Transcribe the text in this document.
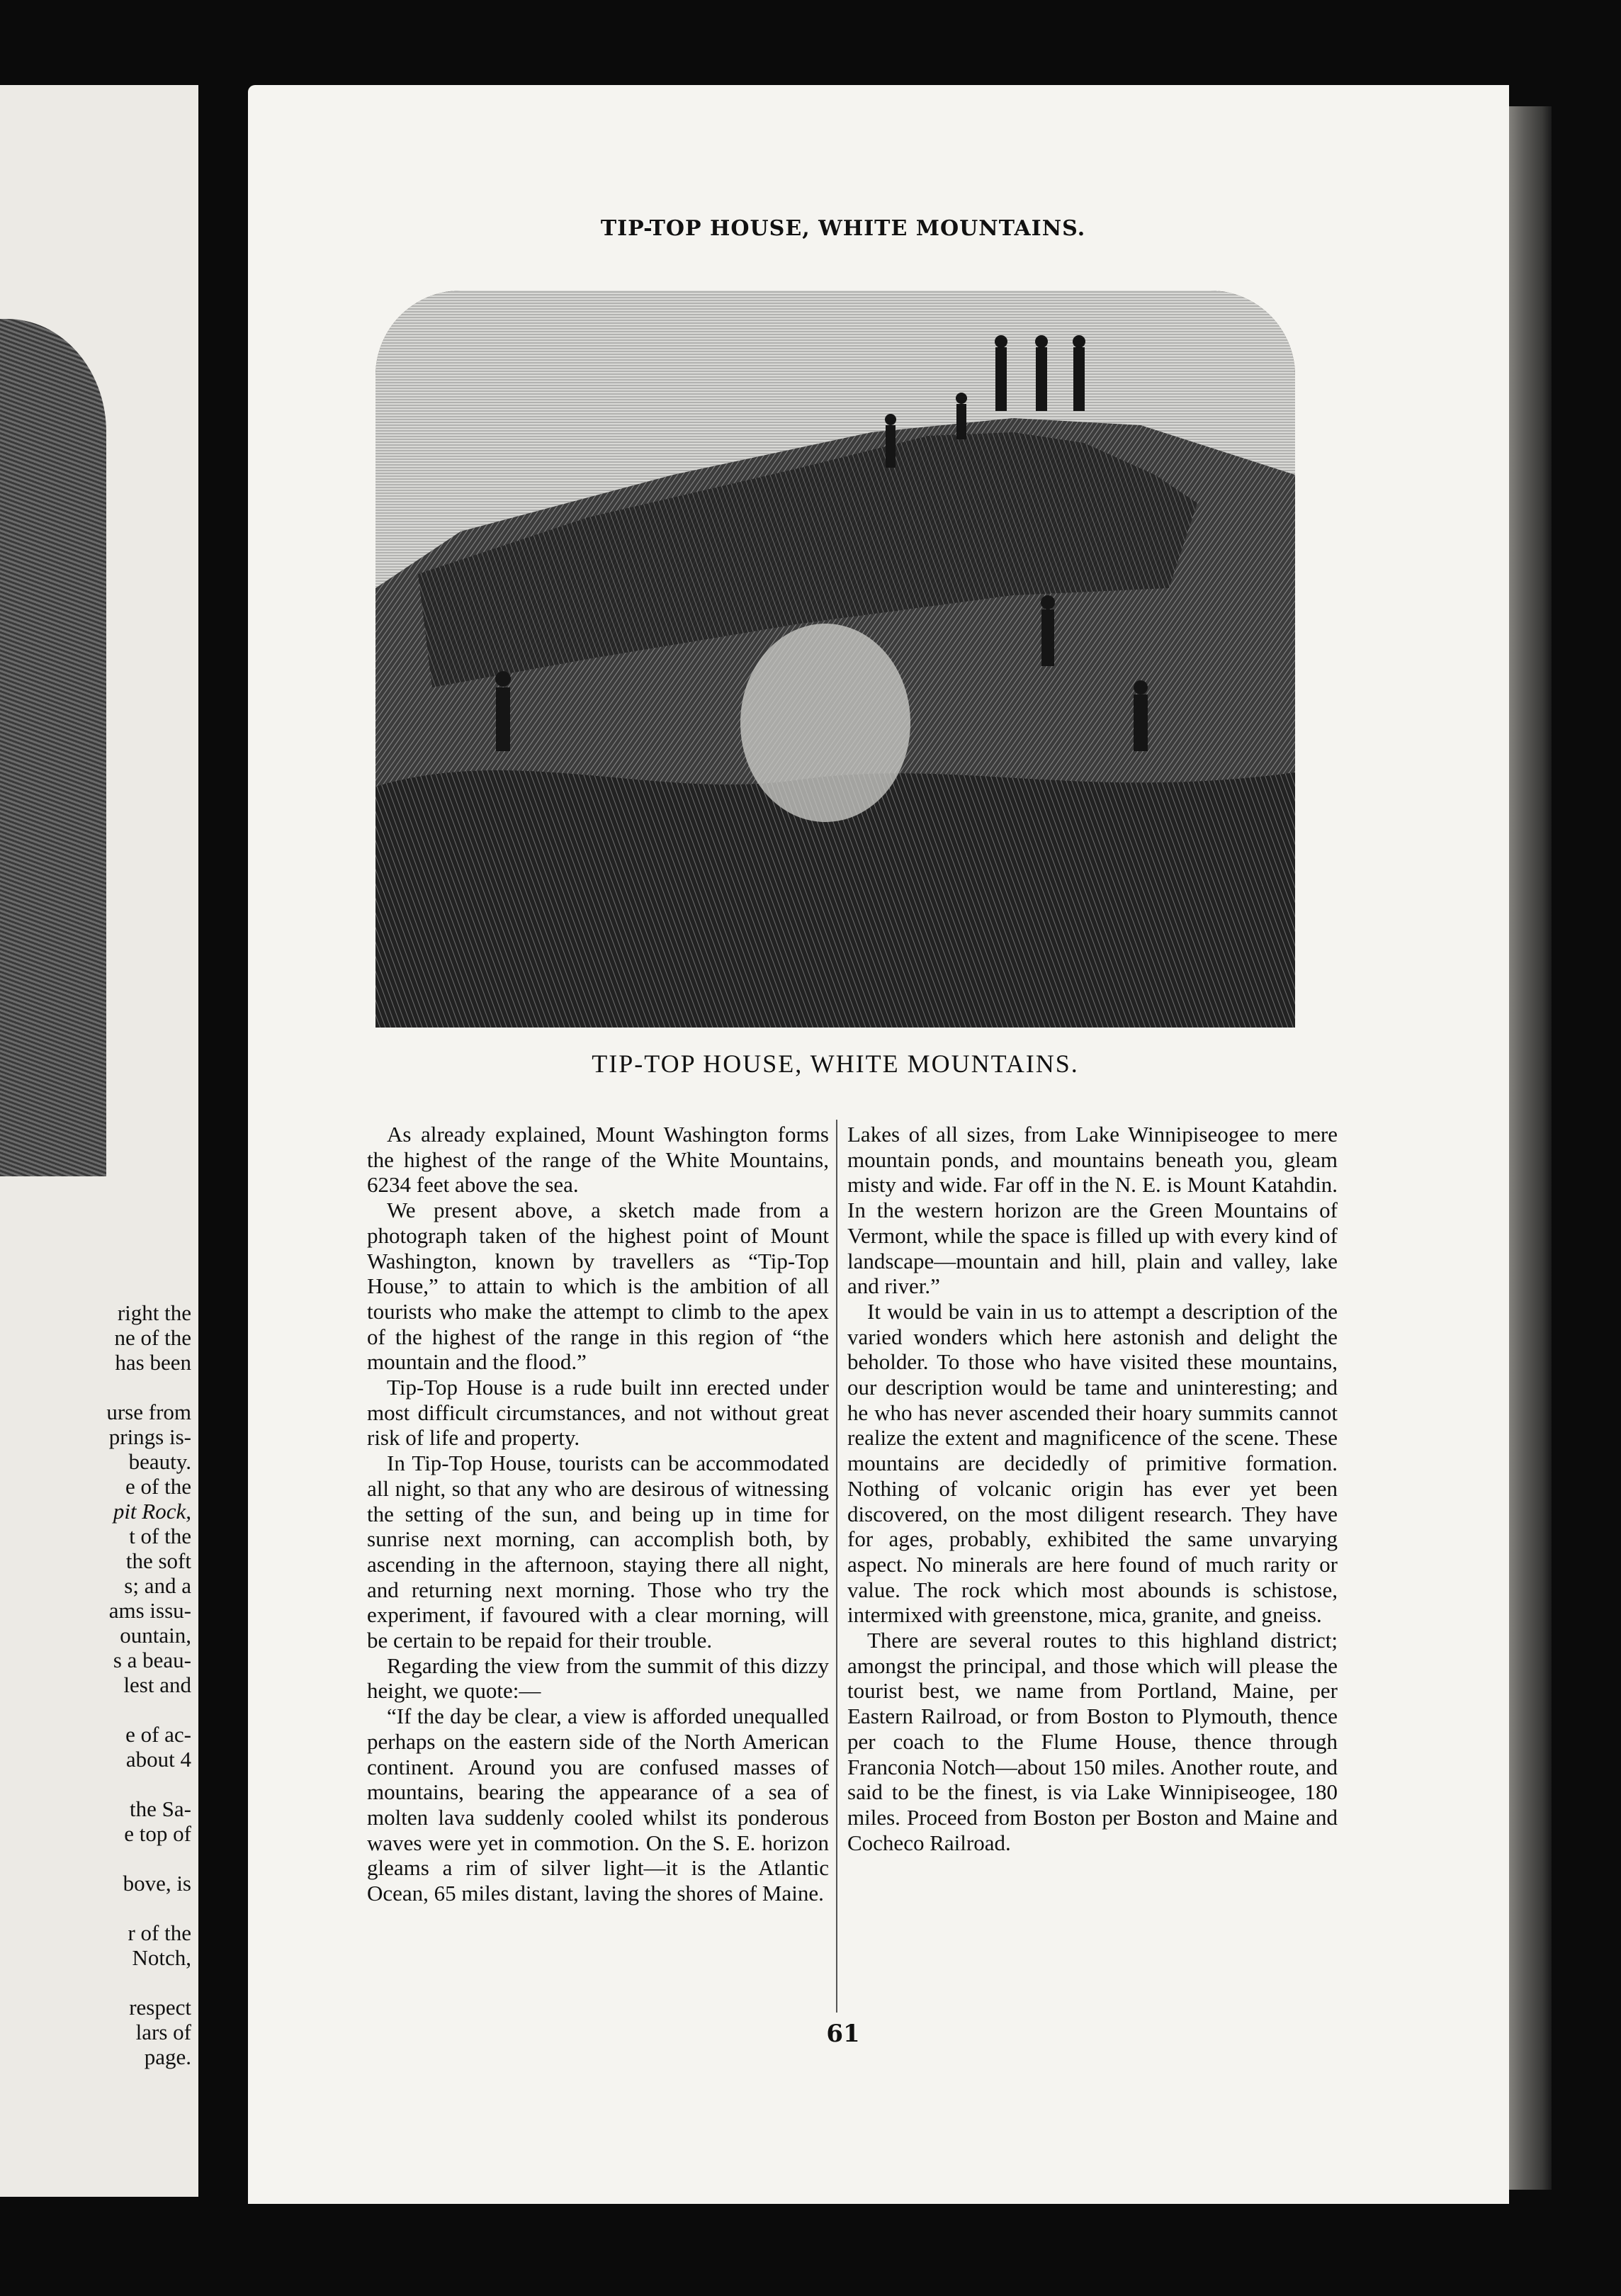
right the
ne of the
has been

urse from
prings is-
beauty.
e of the
pit Rock,
t of the
the soft
s; and a
ams issu-
ountain,
s a beau-
lest and

e of ac-
about 4

the Sa-
e top of

bove, is

r of the
Notch,

respect
lars of
page.
TIP-TOP HOUSE, WHITE MOUNTAINS.
TIP-TOP HOUSE, WHITE MOUNTAINS.

As already explained, Mount Washington forms the highest of the range of the White Mountains, 6234 feet above the sea.

We present above, a sketch made from a photograph taken of the highest point of Mount Washington, known by travellers as “Tip-Top House,” to attain to which is the ambition of all tourists who make the attempt to climb to the apex of the highest of the range in this region of “the mountain and the flood.”

Tip-Top House is a rude built inn erected under most difficult circumstances, and not without great risk of life and property.

In Tip-Top House, tourists can be accommodated all night, so that any who are desirous of witnessing the setting of the sun, and being up in time for sunrise next morning, can accomplish both, by ascending in the afternoon, staying there all night, and returning next morning. Those who try the experiment, if favoured with a clear morning, will be certain to be repaid for their trouble.

Regarding the view from the summit of this dizzy height, we quote:—

“If the day be clear, a view is afforded unequalled perhaps on the eastern side of the North American continent. Around you are confused masses of mountains, bearing the appearance of a sea of molten lava suddenly cooled whilst its ponderous waves were yet in commotion. On the S. E. horizon gleams a rim of silver light—it is the Atlantic Ocean, 65 miles distant, laving the shores of Maine.

Lakes of all sizes, from Lake Winnipiseogee to mere mountain ponds, and mountains beneath you, gleam misty and wide. Far off in the N. E. is Mount Katahdin. In the western horizon are the Green Mountains of Vermont, while the space is filled up with every kind of landscape—mountain and hill, plain and valley, lake and river.”

It would be vain in us to attempt a description of the varied wonders which here astonish and delight the beholder. To those who have visited these mountains, our description would be tame and uninteresting; and he who has never ascended their hoary summits cannot realize the extent and magnificence of the scene. These mountains are decidedly of primitive formation. Nothing of volcanic origin has ever yet been discovered, on the most diligent research. They have for ages, probably, exhibited the same unvarying aspect. No minerals are here found of much rarity or value. The rock which most abounds is schistose, intermixed with greenstone, mica, granite, and gneiss.

There are several routes to this highland district; amongst the principal, and those which will please the tourist best, we name from Portland, Maine, per Eastern Railroad, or from Boston to Plymouth, thence per coach to the Flume House, thence through Franconia Notch—about 150 miles. Another route, and said to be the finest, is via Lake Winnipiseogee, 180 miles. Proceed from Boston per Boston and Maine and Cocheco Railroad.

61
